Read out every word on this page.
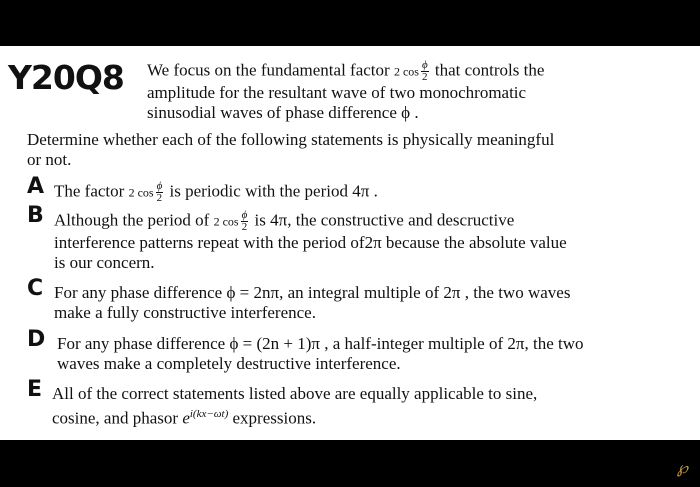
Y20Q8 We focus on the fundamental factor 2 $\cos \frac{\phi}{2}$ that controls the
amplitude for the resultant wave of two monochromatic
sinusodial waves of phase difference ϕ .
Determine whether each of the following statements is physically meaningful
or not.
A The factor 2 $\cos \frac{\phi}{2}$ is periodic with the period 4π .
B Although the period of 2 $\cos \frac{\phi}{2}$ is 4π, the constructive and descructive
interference patterns repeat with the period of2π because the absolute value
is our concern.
C For any phase difference ϕ = 2nπ, an integral multiple of 2π , the two waves
make a fully constructive interference.
D For any phase difference ϕ = (2n + 1)π , a half-integer multiple of 2π, the two
waves make a completely destructive interference.
E All of the correct statements listed above are equally applicable to sine,
cosine, and phasor $e^{i(kx-\omega t)}$ expressions.
℘
